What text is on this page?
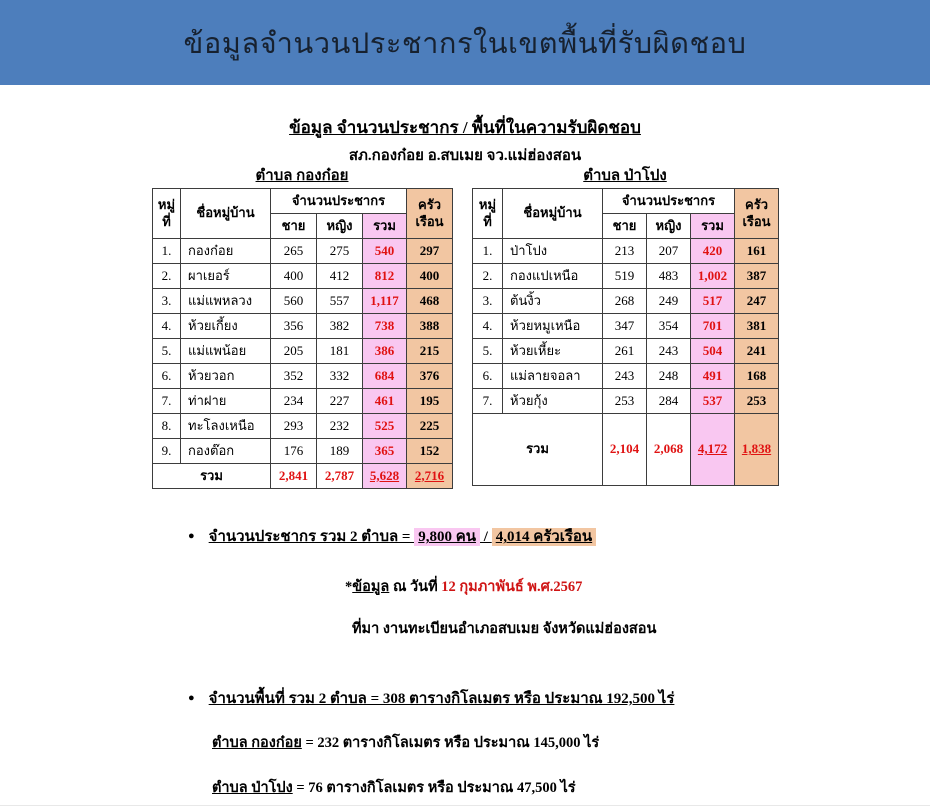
ข้อมูลจำนวนประชากรในเขตพื้นที่รับผิดชอบ
ข้อมูล จำนวนประชากร / พื้นที่ในความรับผิดชอบ
สภ.กองก๋อย อ.สบเมย จว.แม่ฮ่องสอน
ตำบล กองก๋อย	ตำบล ป่าโปง
หมู่ที่	ชื่อหมู่บ้าน	จำนวนประชากร			ครัวเรือน
		ชาย	หญิง	รวม	
1.	กองก๋อย	265	275	540	297
2.	ผาเยอร์	400	412	812	400
3.	แม่แพหลวง	560	557	1,117	468
4.	ห้วยเกี้ยง	356	382	738	388
5.	แม่แพน้อย	205	181	386	215
6.	ห้วยวอก	352	332	684	376
7.	ท่าฝาย	234	227	461	195
8.	ทะโลงเหนือ	293	232	525	225
9.	กองต๊อก	176	189	365	152
รวม		2,841	2,787	5,628	2,716
หมู่ที่	ชื่อหมู่บ้าน	จำนวนประชากร			ครัวเรือน
		ชาย	หญิง	รวม	
1.	ป่าโปง	213	207	420	161
2.	กองแปเหนือ	519	483	1,002	387
3.	ต้นงิ้ว	268	249	517	247
4.	ห้วยหมูเหนือ	347	354	701	381
5.	ห้วยเหี้ยะ	261	243	504	241
6.	แม่ลายจอลา	243	248	491	168
7.	ห้วยกุ้ง	253	284	537	253
รวม		2,104	2,068	4,172	1,838
● จำนวนประชากร รวม 2 ตำบล = 9,800 คน / 4,014 ครัวเรือน
*ข้อมูล ณ วันที่ 12 กุมภาพันธ์ พ.ศ.2567
ที่มา งานทะเบียนอำเภอสบเมย จังหวัดแม่ฮ่องสอน
● จำนวนพื้นที่ รวม 2 ตำบล = 308 ตารางกิโลเมตร หรือ ประมาณ 192,500 ไร่
ตำบล กองก๋อย = 232 ตารางกิโลเมตร หรือ ประมาณ 145,000 ไร่
ตำบล ป่าโปง = 76 ตารางกิโลเมตร หรือ ประมาณ 47,500 ไร่
